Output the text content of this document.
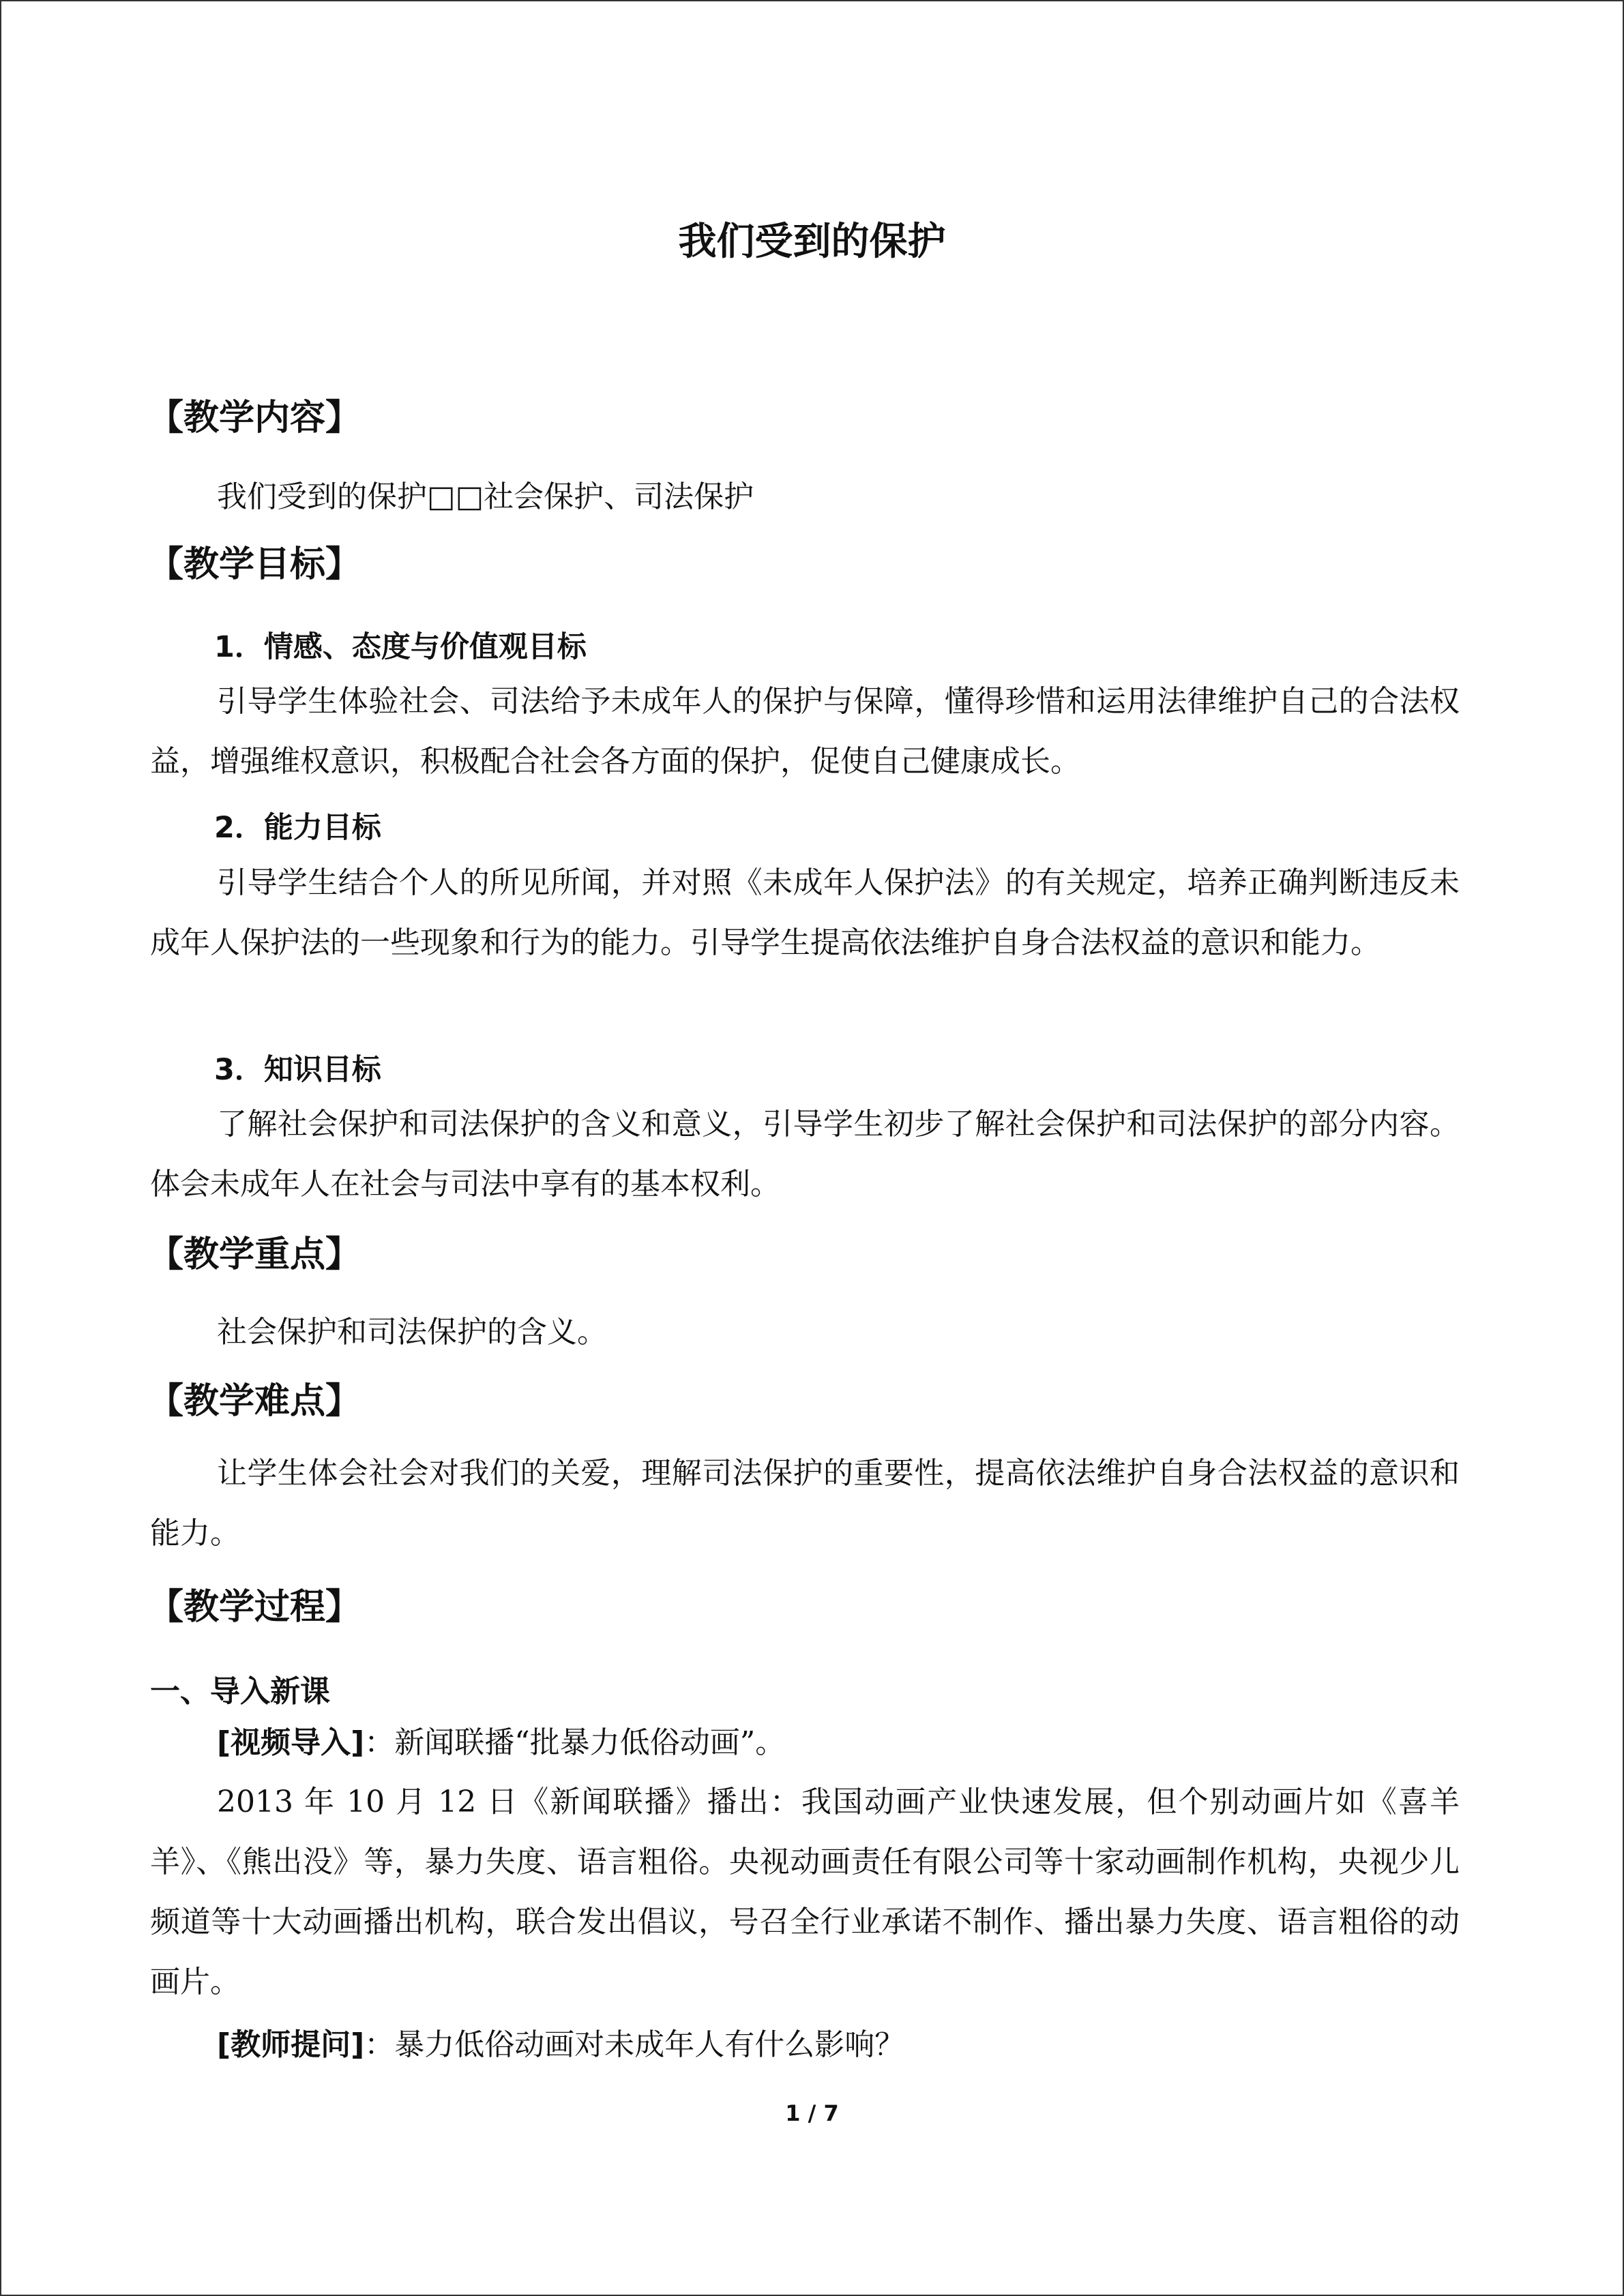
我们受到的保护
【教学内容】
我们受到的保护□□社会保护、司法保护
【教学目标】
1．情感、态度与价值观目标
引导学生体验社会、司法给予未成年人的保护与保障，懂得珍惜和运用法律维护自己的合法权益，增强维权意识，积极配合社会各方面的保护，促使自己健康成长。
2．能力目标
引导学生结合个人的所见所闻，并对照《未成年人保护法》的有关规定，培养正确判断违反未成年人保护法的一些现象和行为的能力。引导学生提高依法维护自身合法权益的意识和能力。
3．知识目标
了解社会保护和司法保护的含义和意义，引导学生初步了解社会保护和司法保护的部分内容。体会未成年人在社会与司法中享有的基本权利。
【教学重点】
社会保护和司法保护的含义。
【教学难点】
让学生体会社会对我们的关爱，理解司法保护的重要性，提高依法维护自身合法权益的意识和能力。
【教学过程】
一、导入新课
[视频导入]：新闻联播“批暴力低俗动画”。
2013 年 10 月 12 日《新闻联播》播出：我国动画产业快速发展，但个别动画片如《喜羊羊》、《熊出没》等，暴力失度、语言粗俗。央视动画责任有限公司等十家动画制作机构，央视少儿频道等十大动画播出机构，联合发出倡议，号召全行业承诺不制作、播出暴力失度、语言粗俗的动画片。
[教师提问]：暴力低俗动画对未成年人有什么影响？
1 / 7
